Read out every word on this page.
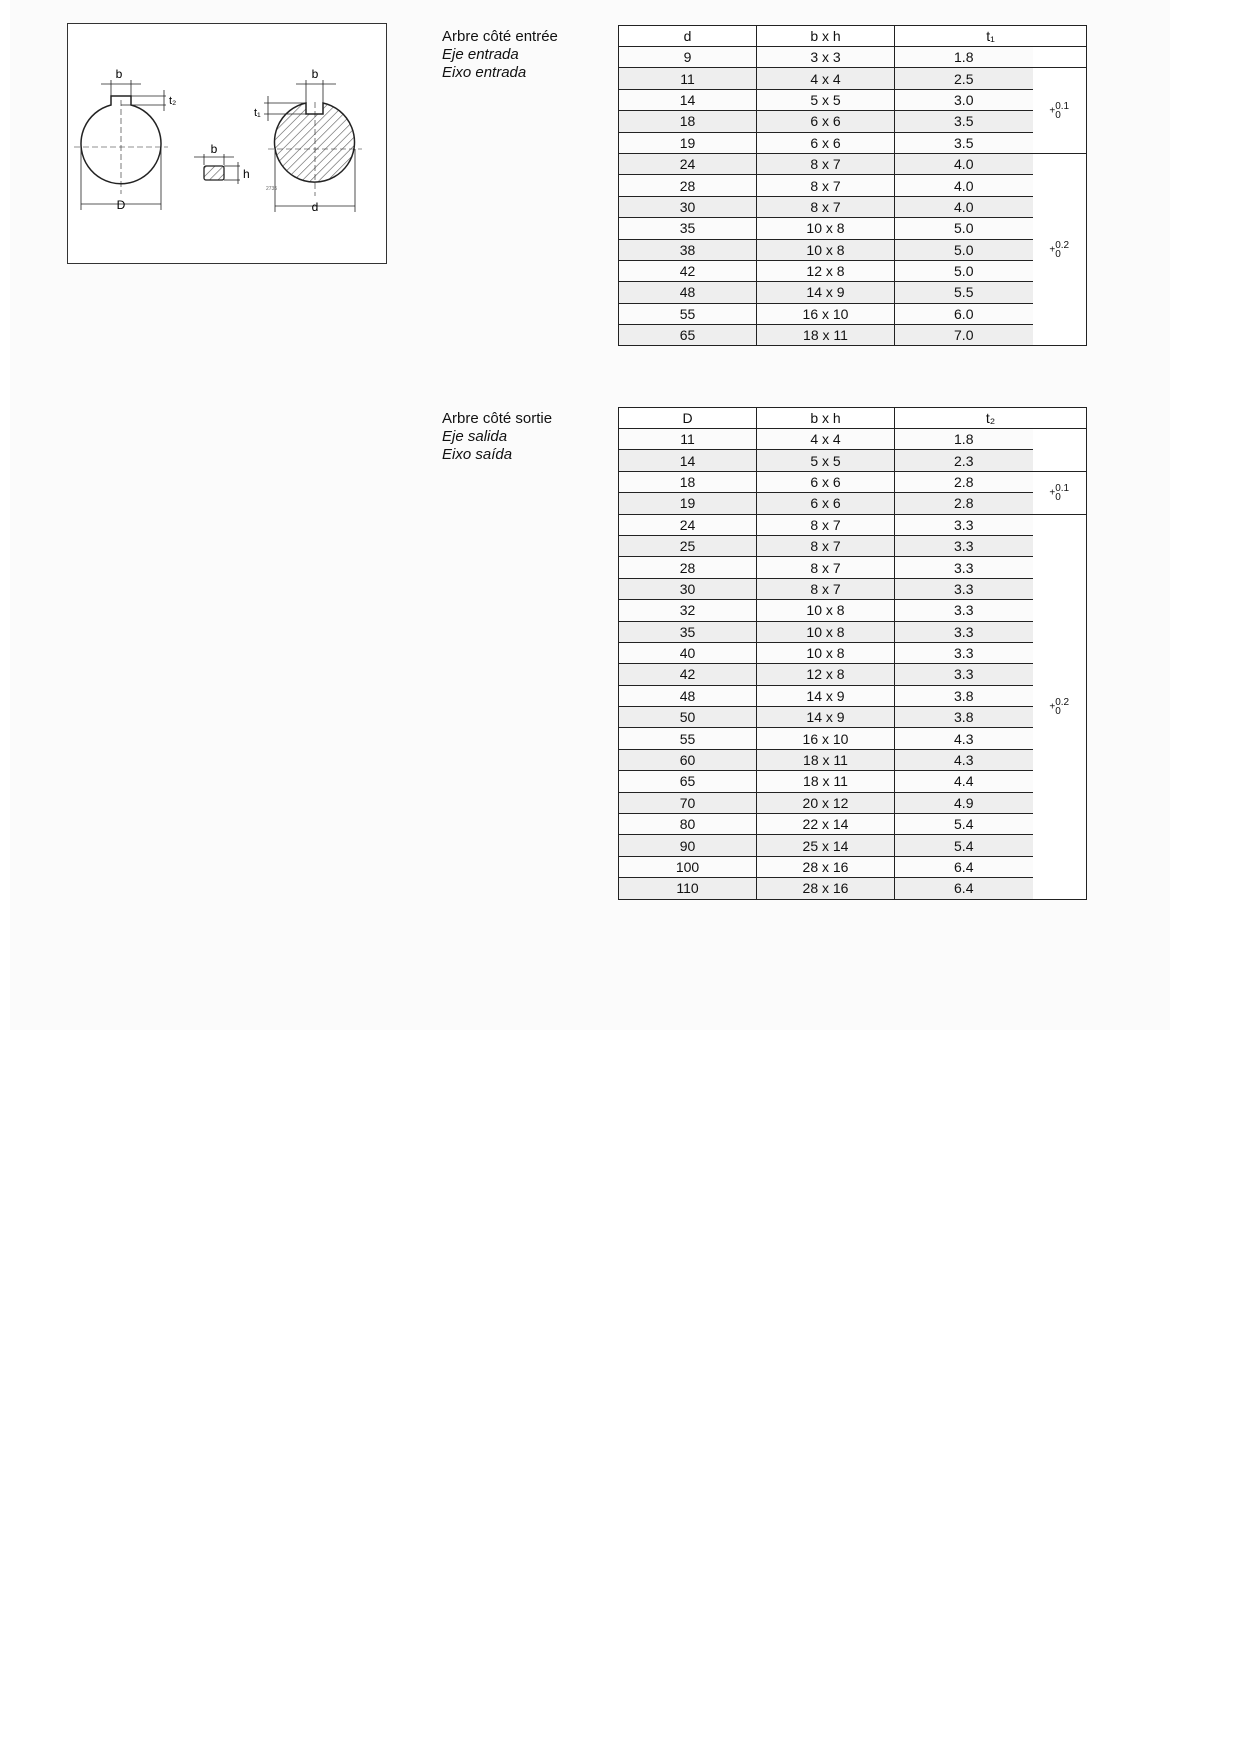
b
t₂
D
b
h
2735
b
t₁
d
Arbre côté entrée
Eje entrada
Eixo entrada
d	b x h	t₁	
9	3 x 3	1.8	
11	4 x 4	2.5	+ 0.1
0

14	5 x 5	3.0	
18	6 x 6	3.5	
19	6 x 6	3.5	
24	8 x 7	4.0	+ 0.2
0

28	8 x 7	4.0	
30	8 x 7	4.0	
35	10 x 8	5.0	
38	10 x 8	5.0	
42	12 x 8	5.0	
48	14 x 9	5.5	
55	16 x 10	6.0	
65	18 x 11	7.0	
Arbre côté sortie
Eje salida
Eixo saída
D	b x h	t₂	
11	4 x 4	1.8	
14	5 x 5	2.3	
18	6 x 6	2.8	+ 0.1
0

19	6 x 6	2.8	
24	8 x 7	3.3	+ 0.2
0

25	8 x 7	3.3	
28	8 x 7	3.3	
30	8 x 7	3.3	
32	10 x 8	3.3	
35	10 x 8	3.3	
40	10 x 8	3.3	
42	12 x 8	3.3	
48	14 x 9	3.8	
50	14 x 9	3.8	
55	16 x 10	4.3	
60	18 x 11	4.3	
65	18 x 11	4.4	
70	20 x 12	4.9	
80	22 x 14	5.4	
90	25 x 14	5.4	
100	28 x 16	6.4	
110	28 x 16	6.4	
